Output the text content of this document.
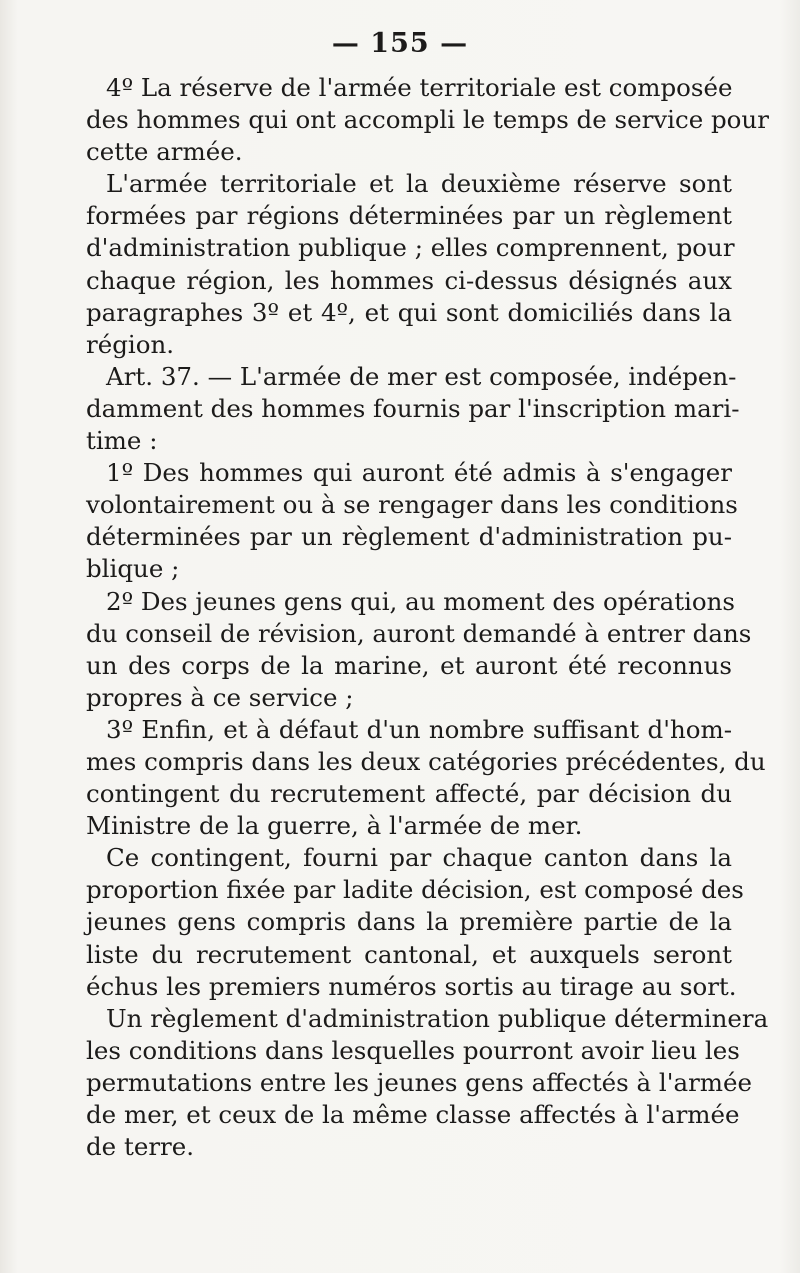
— 155 —
4º La réserve de l'armée territoriale est composée
des hommes qui ont accompli le temps de service pour
cette armée.
L'armée territoriale et la deuxième réserve sont
formées par régions déterminées par un règlement
d'administration publique ; elles comprennent, pour
chaque région, les hommes ci-dessus désignés aux
paragraphes 3º et 4º, et qui sont domiciliés dans la
région.
Art. 37. — L'armée de mer est composée, indépen-
damment des hommes fournis par l'inscription mari-
time :
1º Des hommes qui auront été admis à s'engager
volontairement ou à se rengager dans les conditions
déterminées par un règlement d'administration pu-
blique ;
2º Des jeunes gens qui, au moment des opérations
du conseil de révision, auront demandé à entrer dans
un des corps de la marine, et auront été reconnus
propres à ce service ;
3º Enfin, et à défaut d'un nombre suffisant d'hom-
mes compris dans les deux catégories précédentes, du
contingent du recrutement affecté, par décision du
Ministre de la guerre, à l'armée de mer.
Ce contingent, fourni par chaque canton dans la
proportion fixée par ladite décision, est composé des
jeunes gens compris dans la première partie de la
liste du recrutement cantonal, et auxquels seront
échus les premiers numéros sortis au tirage au sort.
Un règlement d'administration publique déterminera
les conditions dans lesquelles pourront avoir lieu les
permutations entre les jeunes gens affectés à l'armée
de mer, et ceux de la même classe affectés à l'armée
de terre.
